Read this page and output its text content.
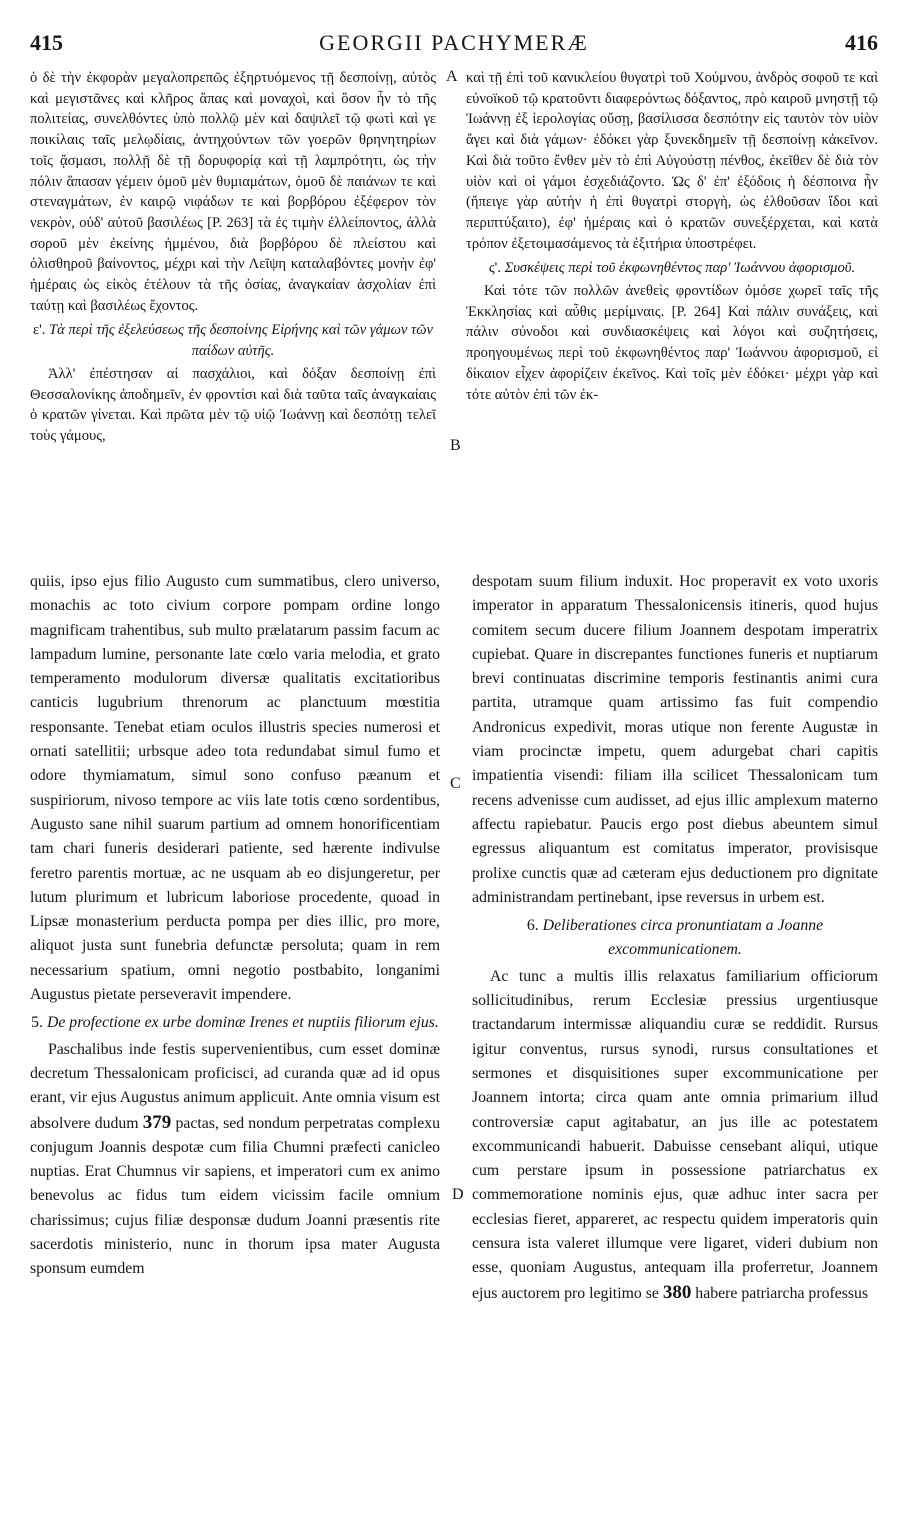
415	GEORGII PACHYMERÆ	416

ὁ δὲ τὴν ἐκφορὰν μεγαλοπρεπῶς ἐξηρτυόμενος τῇ δεσποίνῃ, αὐτὸς καὶ μεγιστᾶνες καὶ κλῆρος ἅπας καὶ μοναχοὶ, καὶ ὅσον ἦν τὸ τῆς πολιτείας, συνελθόντες ὑπὸ πολλῷ μὲν καὶ δαψιλεῖ τῷ φωτὶ καὶ γε ποικίλαις ταῖς μελῳδίαις, ἀντηχούντων τῶν γοερῶν θρηνητηρίων τοῖς ᾄσμασι, πολλῇ δὲ τῇ δορυφορίᾳ καὶ τῇ λαμπρότητι, ὡς τὴν πόλιν ἅπασαν γέμειν ὁμοῦ μὲν θυμιαμάτων, ὁμοῦ δὲ παιάνων τε καὶ στεναγμάτων, ἐν καιρῷ νιφάδων τε καὶ βορβόρου ἐξέφερον τὸν νεκρὸν, οὐδ' αὐτοῦ βασιλέως [P. 263] τὰ ἐς τιμὴν ἐλλείποντος, ἀλλὰ σοροῦ μὲν ἐκείνης ἡμμένου, διὰ βορβόρου δὲ πλείστου καὶ ὀλισθηροῦ βαίνοντος, μέχρι καὶ τὴν Λεῖψη καταλαβόντες μονὴν ἐφ' ἡμέραις ὡς εἰκὸς ἐτέλουν τὰ τῆς ὁσίας, ἀναγκαίαν ἀσχολίαν ἐπὶ ταύτῃ καὶ βασιλέως ἔχοντος.

ε'. Τὰ περὶ τῆς ἐξελεύσεως τῆς δεσποίνης Εἰρήνης καὶ τῶν γάμων τῶν παίδων αὐτῆς.

Ἀλλ' ἐπέστησαν αἱ πασχάλιοι, καὶ δόξαν δεσποίνῃ ἐπὶ Θεσσαλονίκης ἀποδημεῖν, ἐν φροντίσι καὶ διὰ ταῦτα ταῖς ἀναγκαίαις ὁ κρατῶν γίνεται. Καὶ πρῶτα μὲν τῷ υἱῷ Ἰωάννῃ καὶ δεσπότῃ τελεῖ τοὺς γάμους,

καὶ τῇ ἐπὶ τοῦ κανικλείου θυγατρὶ τοῦ Χούμνου, ἀνδρὸς σοφοῦ τε καὶ εὐνοϊκοῦ τῷ κρατοῦντι διαφερόντως δόξαντος, πρὸ καιροῦ μνηστῇ τῷ Ἰωάννῃ ἐξ ἱερολογίας οὔσῃ, βασίλισσα δεσπότην εἰς ταυτὸν τὸν υἱὸν ἄγει καὶ διὰ γάμων· ἐδόκει γὰρ ξυνεκδημεῖν τῇ δεσποίνῃ κἀκεῖνον. Καὶ διὰ τοῦτο ἔνθεν μὲν τὸ ἐπὶ Αὐγούστῃ πένθος, ἐκεῖθεν δὲ διὰ τὸν υἱὸν καὶ οἱ γάμοι ἐσχεδιάζοντο. Ὡς δ' ἐπ' ἐξόδοις ἡ δέσποινα ἦν (ἤπειγε γὰρ αὐτὴν ἡ ἐπὶ θυγατρὶ στοργὴ, ὡς ἐλθοῦσαν ἴδοι καὶ περιπτύξαιτο), ἐφ' ἡμέραις καὶ ὁ κρατῶν συνεξέρχεται, καὶ κατὰ τρόπον ἐξετοιμασάμενος τὰ ἐξιτήρια ὑποστρέφει.

ς'. Συσκέψεις περὶ τοῦ ἐκφωνηθέντος παρ' Ἰωάννου ἀφορισμοῦ.

Καὶ τότε τῶν πολλῶν ἀνεθεὶς φροντίδων ὁμόσε χωρεῖ ταῖς τῆς Ἐκκλησίας καὶ αὖθις μερίμναις. [P. 264] Καὶ πάλιν συνάξεις, καὶ πάλιν σύνοδοι καὶ συνδιασκέψεις καὶ λόγοι καὶ συζητήσεις, προηγουμένως περὶ τοῦ ἐκφωνηθέντος παρ' Ἰωάννου ἀφορισμοῦ, εἰ δίκαιον εἶχεν ἀφορίζειν ἐκεῖνος. Καὶ τοῖς μὲν ἐδόκει· μέχρι γὰρ καὶ τότε αὐτὸν ἐπὶ τῶν ἐκ-

quiis, ipso ejus filio Augusto cum summatibus, clero universo, monachis ac toto civium corpore pompam ordine longo magnificam trahentibus, sub multo prælatarum passim facum ac lampadum lumine, personante late cœlo varia melodia, et grato temperamento modulorum diversæ qualitatis excitatioribus canticis lugubrium threnorum ac planctuum mœstitia responsante. Tenebat etiam oculos illustris species numerosi et ornati satellitii; urbsque adeo tota redundabat simul fumo et odore thymiamatum, simul sono confuso pæanum et suspiriorum, nivoso tempore ac viis late totis cœno sordentibus, Augusto sane nihil suarum partium ad omnem honorificentiam tam chari funeris desiderari patiente, sed hærente indivulse feretro parentis mortuæ, ac ne usquam ab eo disjungeretur, per lutum plurimum et lubricum laboriose procedente, quoad in Lipsæ monasterium perducta pompa per dies illic, pro more, aliquot justa sunt funebria defunctæ persoluta; quam in rem necessarium spatium, omni negotio postbabito, longanimi Augustus pietate perseveravit impendere.

5. De profectione ex urbe dominæ Irenes et nuptiis filiorum ejus.

Paschalibus inde festis supervenientibus, cum esset dominæ decretum Thessalonicam proficisci, ad curanda quæ ad id opus erant, vir ejus Augustus animum applicuit. Ante omnia visum est absolvere dudum 379 pactas, sed nondum perpetratas complexu conjugum Joannis despotæ cum filia Chumni præfecti canicleo nuptias. Erat Chumnus vir sapiens, et imperatori cum ex animo benevolus ac fidus tum eidem vicissim facile omnium charissimus; cujus filiæ desponsæ dudum Joanni præsentis rite sacerdotis ministerio, nunc in thorum ipsa mater Augusta sponsum eumdem

despotam suum filium induxit. Hoc properavit ex voto uxoris imperator in apparatum Thessalonicensis itineris, quod hujus comitem secum ducere filium Joannem despotam imperatrix cupiebat. Quare in discrepantes functiones funeris et nuptiarum brevi continuatas discrimine temporis festinantis animi cura partita, utramque quam artissimo fas fuit compendio Andronicus expedivit, moras utique non ferente Augustæ in viam procinctæ impetu, quem adurgebat chari capitis impatientia visendi: filiam illa scilicet Thessalonicam tum recens advenisse cum audisset, ad ejus illic amplexum materno affectu rapiebatur. Paucis ergo post diebus abeuntem simul egressus aliquantum est comitatus imperator, provisisque prolixe cunctis quæ ad cæteram ejus deductionem pro dignitate administrandam pertinebant, ipse reversus in urbem est.

6. Deliberationes circa pronuntiatam a Joanne excommunicationem.

Ac tunc a multis illis relaxatus familiarium officiorum sollicitudinibus, rerum Ecclesiæ pressius urgentiusque tractandarum intermissæ aliquandiu curæ se reddidit. Rursus igitur conventus, rursus synodi, rursus consultationes et sermones et disquisitiones super excommunicatione per Joannem intorta; circa quam ante omnia primarium illud controversiæ caput agitabatur, an jus ille ac potestatem excommunicandi habuerit. Dabuisse censebant aliqui, utique cum perstare ipsum in possessione patriarchatus ex commemoratione nominis ejus, quæ adhuc inter sacra per ecclesias fieret, appareret, ac respectu quidem imperatoris quin censura ista valeret illumque vere ligaret, videri dubium non esse, quoniam Augustus, antequam illa proferretur, Joannem ejus auctorem pro legitimo se 380 habere patriarcha professus

A
B
C
D
